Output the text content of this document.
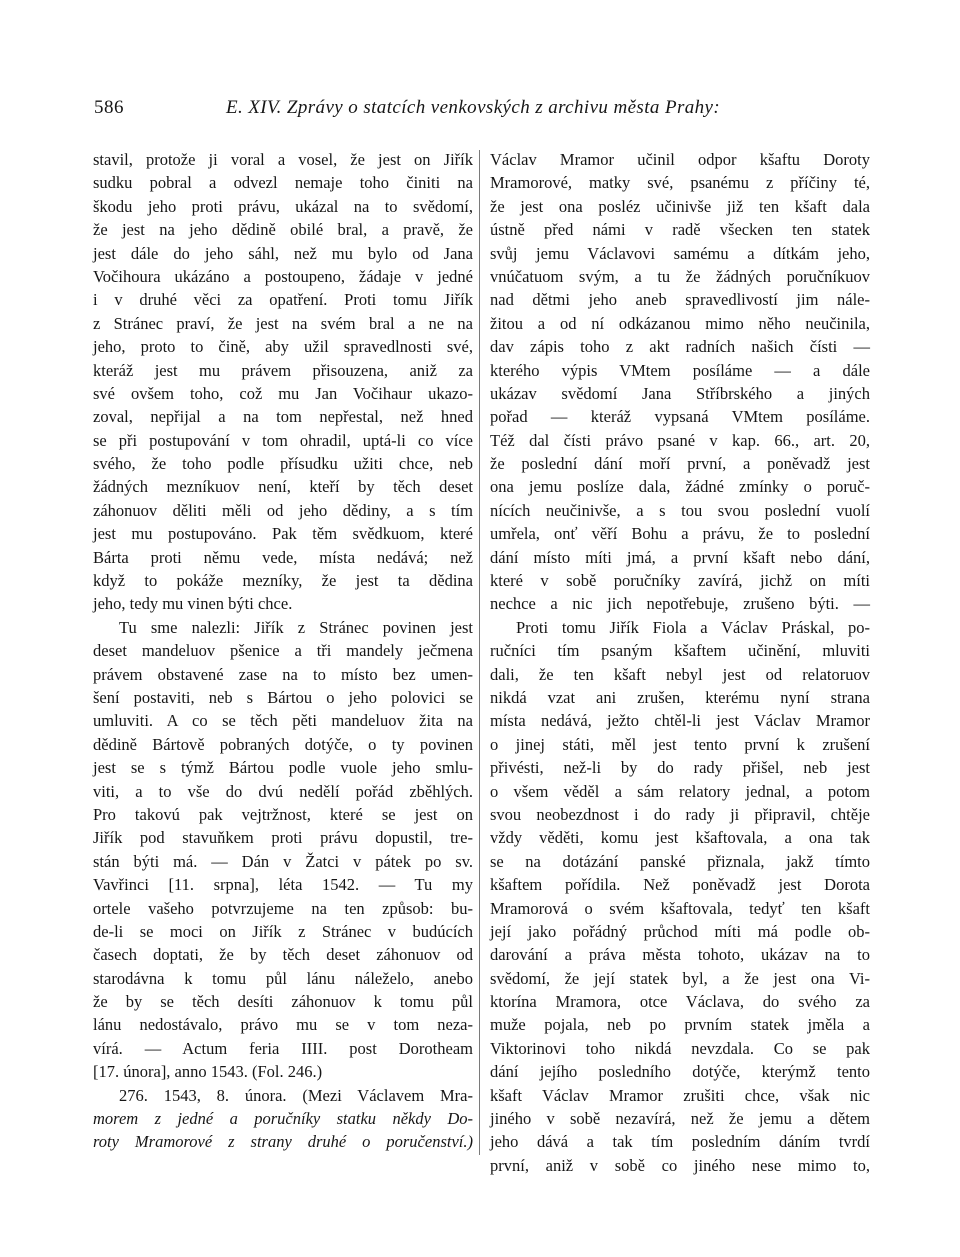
586	E. XIV. Zprávy o statcích venkovských z archivu města Prahy:
stavil, protože ji voral a vosel, že jest on Jiřík
sudku pobral a odvezl nemaje toho činiti na
škodu jeho proti právu, ukázal na to svědomí,
že jest na jeho dědině obilé bral, a pravě, že
jest dále do jeho sáhl, než mu bylo od Jana
Vočihoura ukázáno a postoupeno, žádaje v jedné
i v druhé věci za opatření. Proti tomu Jiřík
z Stránec praví, že jest na svém bral a ne na
jeho, proto to čině, aby užil spravedlnosti své,
kteráž jest mu právem přisouzena, aniž za
své ovšem toho, což mu Jan Vočihaur ukazo-
zoval, nepřijal a na tom nepřestal, než hned
se při postupování v tom ohradil, uptá-li co více
svého, že toho podle přísudku užiti chce, neb
žádných mezníkuov není, kteří by těch deset
záhonuov děliti měli od jeho dědiny, a s tím
jest mu postupováno. Pak těm svědkuom, které
Bárta proti němu vede, místa nedává; než
když to pokáže mezníky, že jest ta dědina
jeho, tedy mu vinen býti chce.
Tu sme nalezli: Jiřík z Stránec povinen jest
deset mandeluov pšenice a tři mandely ječmena
právem obstavené zase na to místo bez umen-
šení postaviti, neb s Bártou o jeho polovici se
umluviti. A co se těch pěti mandeluov žita na
dědině Bártově pobraných dotýče, o ty povinen
jest se s týmž Bártou podle vuole jeho smlu-
viti, a to vše do dvú nedělí pořád zběhlých.
Pro takovú pak vejtržnost, které se jest on
Jiřík pod stavuňkem proti právu dopustil, tre-
stán býti má. — Dán v Žatci v pátek po sv.
Vavřinci [11. srpna], léta 1542. — Tu my
ortele vašeho potvrzujeme na ten způsob: bu-
de-li se moci on Jiřík z Stránec v budúcích
časech doptati, že by těch deset záhonuov od
starodávna k tomu půl lánu náleželo, anebo
že by se těch desíti záhonuov k tomu půl
lánu nedostávalo, právo mu se v tom neza-
vírá. — Actum feria IIII. post Dorotheam
[17. února], anno 1543. (Fol. 246.)
276. 1543, 8. února. (Mezi Václavem Mra-
morem z jedné a poručníky statku někdy Do-
roty Mramorové z strany druhé o poručenství.)
Václav Mramor učinil odpor kšaftu Doroty
Mramorové, matky své, psanému z příčiny té,
že jest ona posléz učinivše již ten kšaft dala
ústně před námi v radě všecken ten statek
svůj jemu Václavovi samému a dítkám jeho,
vnúčatuom svým, a tu že žádných poručníkuov
nad dětmi jeho aneb spravedlivostí jim nále-
žitou a od ní odkázanou mimo něho neučinila,
dav zápis toho z akt radních našich čísti —
kterého výpis VMtem posíláme — a dále
ukázav svědomí Jana Stříbrského a jiných
pořad — kteráž vypsaná VMtem posíláme.
Též dal čísti právo psané v kap. 66., art. 20,
že poslední dání moří první, a poněvadž jest
ona jemu poslíze dala, žádné zmínky o poruč-
nících neučinivše, a s tou svou poslední vuolí
umřela, onť věří Bohu a právu, že to poslední
dání místo míti jmá, a první kšaft nebo dání,
které v sobě poručníky zavírá, jichž on míti
nechce a nic jich nepotřebuje, zrušeno býti. —
Proti tomu Jiřík Fiola a Václav Práskal, po-
ručníci tím psaným kšaftem učinění, mluviti
dali, že ten kšaft nebyl jest od relatoruov
nikdá vzat ani zrušen, kterému nyní strana
místa nedává, ježto chtěl-li jest Václav Mramor
o jinej státi, měl jest tento první k zrušení
přivésti, než-li by do rady přišel, neb jest
o všem věděl a sám relatory jednal, a potom
svou neobezdnost i do rady ji připravil, chtěje
vždy věděti, komu jest kšaftovala, a ona tak
se na dotázání panské přiznala, jakž tímto
kšaftem pořídila. Než poněvadž jest Dorota
Mramorová o svém kšaftovala, tedyť ten kšaft
její jako pořádný průchod míti má podle ob-
darování a práva města tohoto, ukázav na to
svědomí, že její statek byl, a že jest ona Vi-
ktorína Mramora, otce Václava, do svého za
muže pojala, neb po prvním statek jměla a
Viktorinovi toho nikdá nevzdala. Co se pak
dání jejího posledního dotýče, kterýmž tento
kšaft Václav Mramor zrušiti chce, však nic
jiného v sobě nezavírá, než že jemu a dětem
jeho dává a tak tím posledním dáním tvrdí
první, aniž v sobě co jiného nese mimo to,
